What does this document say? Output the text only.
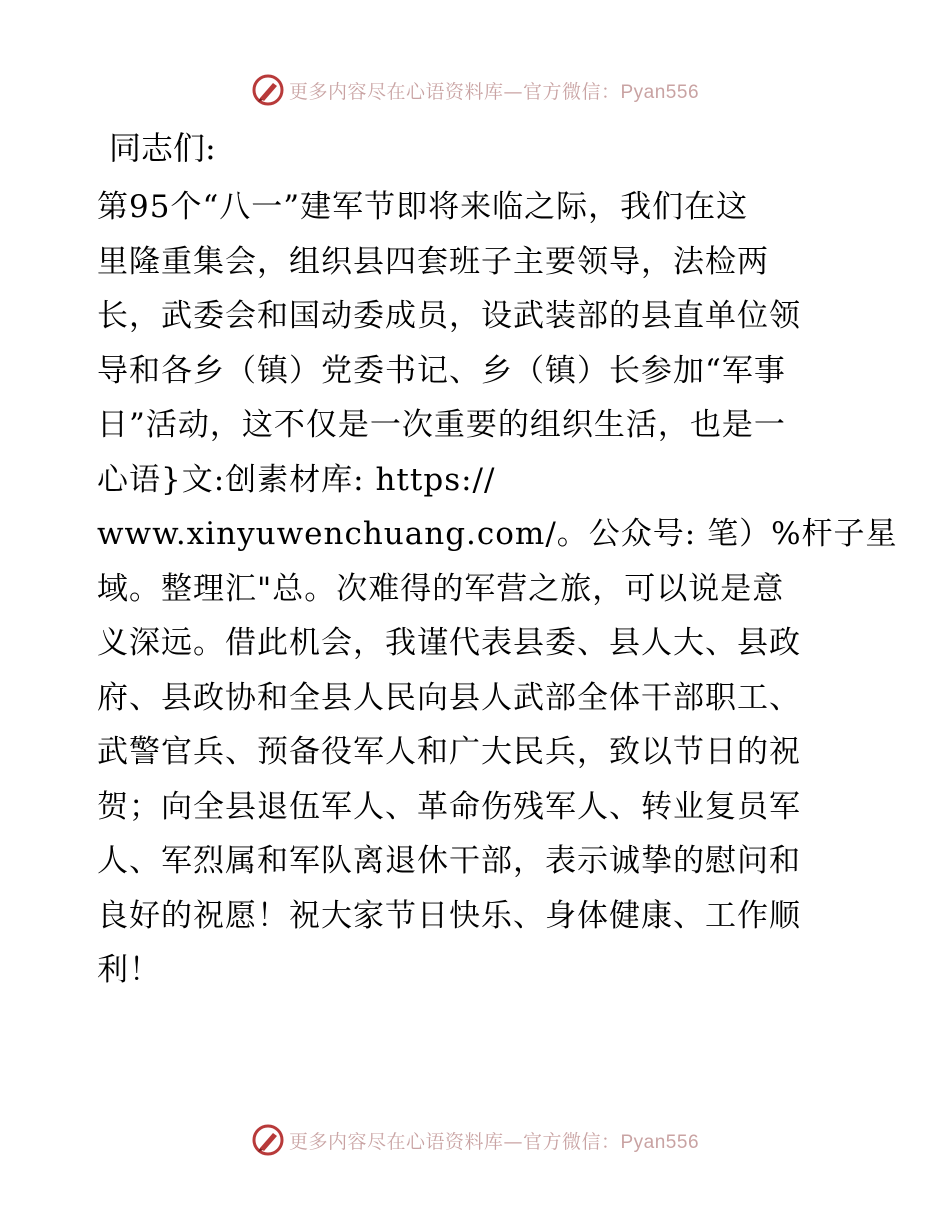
更多内容尽在心语资料库—官方微信：Pyan556

同志们:

第95个“八一”建军节即将来临之际，我们在这

里隆重集会，组织县四套班子主要领导，法检两

长，武委会和国动委成员，设武装部的县直单位领

导和各乡（镇）党委书记、乡（镇）长参加“军事

日”活动，这不仅是一次重要的组织生活，也是一

心语}文:创素材库: https://

www.xinyuwenchuang.com/。公众号: 笔）%杆子星

域。整理汇"总。次难得的军营之旅，可以说是意

义深远。借此机会，我谨代表县委、县人大、县政

府、县政协和全县人民向县人武部全体干部职工、

武警官兵、预备役军人和广大民兵，致以节日的祝

贺；向全县退伍军人、革命伤残军人、转业复员军

人、军烈属和军队离退休干部，表示诚挚的慰问和

良好的祝愿！祝大家节日快乐、身体健康、工作顺

利！

更多内容尽在心语资料库—官方微信：Pyan556
